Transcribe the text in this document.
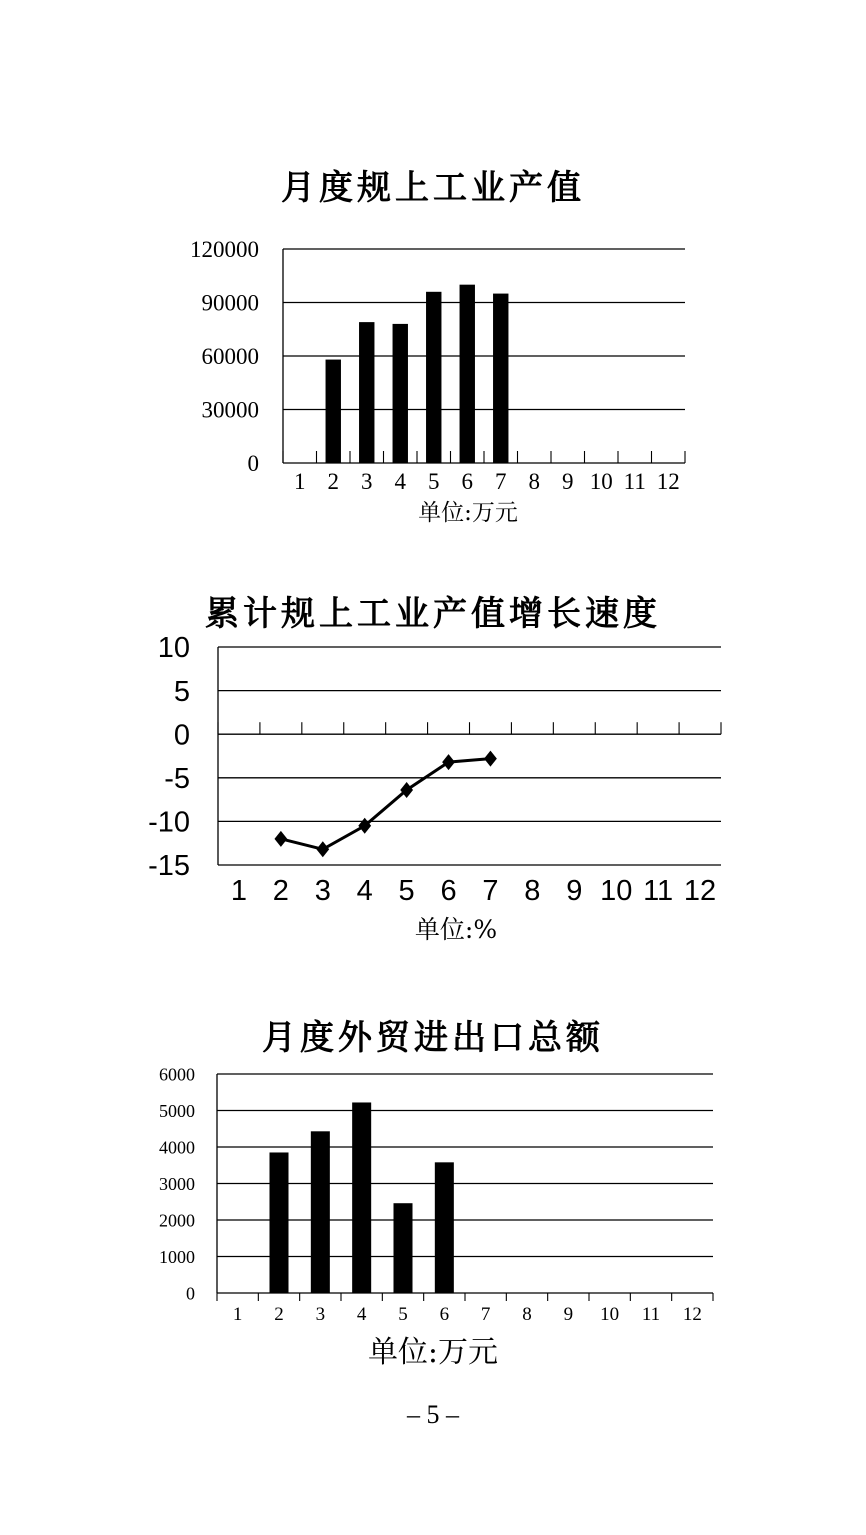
月度规上工业产值
0
30000
60000
90000
120000
1 2 3 4 5 6 7 8 9 10 11 12
单位:万元
累计规上工业产值增长速度
-15
-10
-5
0
5
10
1 2 3 4 5 6 7 8 9 10 11 12
单位:%
月度外贸进出口总额
0
1000
2000
3000
4000
5000
6000
1 2 3 4 5 6 7 8 9 10 11 12
单位:万元
– 5 –
